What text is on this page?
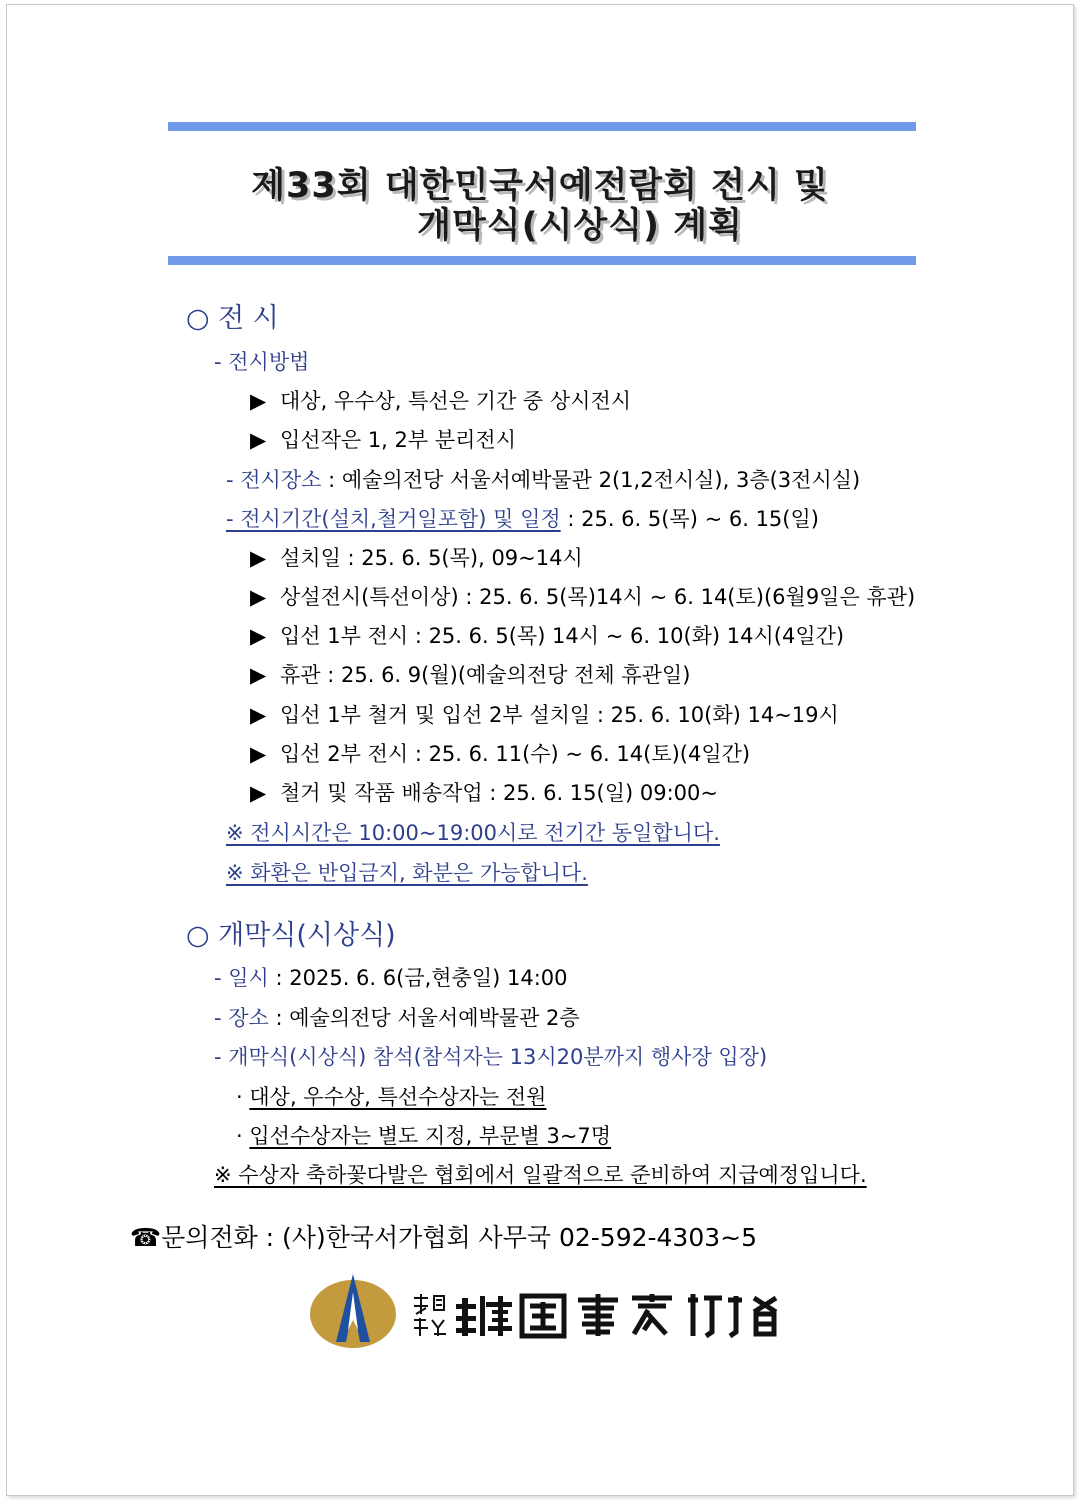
제33회 대한민국서예전람회 전시 및
개막식(시상식) 계획
○ 전 시
- 전시방법
▶ 대상, 우수상, 특선은 기간 중 상시전시
▶ 입선작은 1, 2부 분리전시
- 전시장소 : 예술의전당 서울서예박물관 2(1,2전시실), 3층(3전시실)
- 전시기간(설치,철거일포함) 및 일정 : 25. 6. 5(목) ~ 6. 15(일)
▶ 설치일 : 25. 6. 5(목), 09~14시
▶ 상설전시(특선이상) : 25. 6. 5(목)14시 ~ 6. 14(토)(6월9일은 휴관)
▶ 입선 1부 전시 : 25. 6. 5(목) 14시 ~ 6. 10(화) 14시(4일간)
▶ 휴관 : 25. 6. 9(월)(예술의전당 전체 휴관일)
▶ 입선 1부 철거 및 입선 2부 설치일 : 25. 6. 10(화) 14~19시
▶ 입선 2부 전시 : 25. 6. 11(수) ~ 6. 14(토)(4일간)
▶ 철거 및 작품 배송작업 : 25. 6. 15(일) 09:00~
※ 전시시간은 10:00~19:00시로 전기간 동일합니다.
※ 화환은 반입금지, 화분은 가능합니다.
○ 개막식(시상식)
- 일시 : 2025. 6. 6(금,현충일) 14:00
- 장소 : 예술의전당 서울서예박물관 2층
- 개막식(시상식) 참석(참석자는 13시20분까지 행사장 입장)
· 대상, 우수상, 특선수상자는 전원
· 입선수상자는 별도 지정, 부문별 3~7명
※ 수상자 축하꽃다발은 협회에서 일괄적으로 준비하여 지급예정입니다.
☎문의전화 : (사)한국서가협회 사무국 02-592-4303~5
